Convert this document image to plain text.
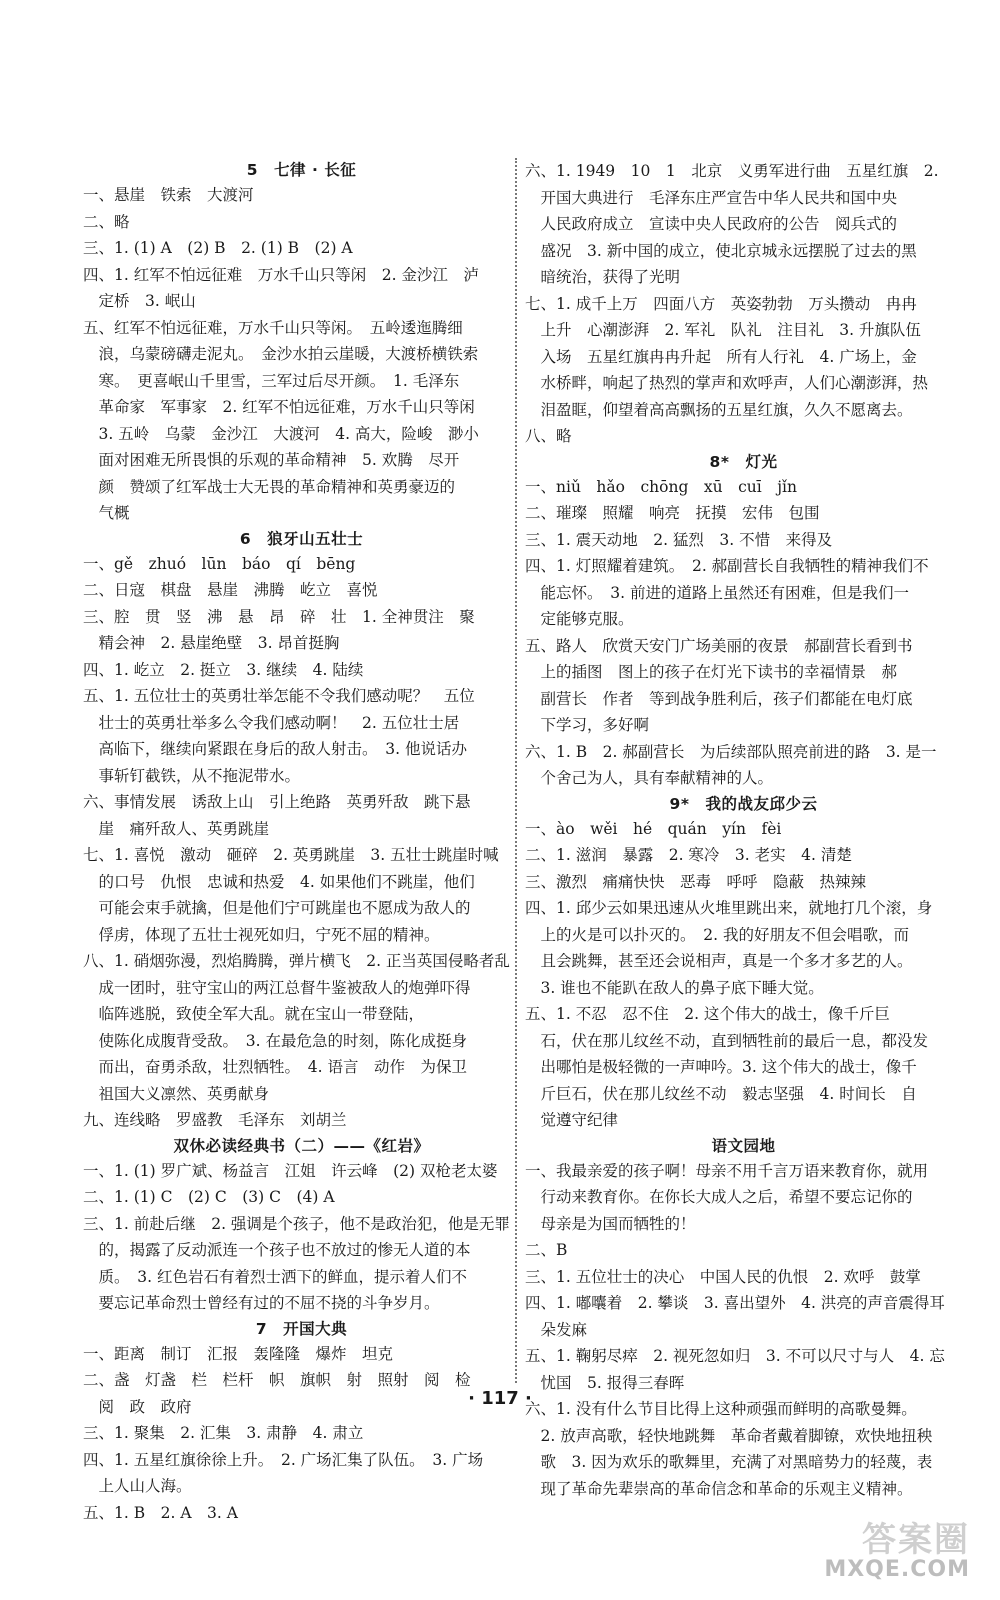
5　七律 · 长征
一、悬崖　铁索　大渡河
二、略
三、1. (1) A　(2) B　2. (1) B　(2) A
四、1. 红军不怕远征难　万水千山只等闲　2. 金沙江　泸
　定桥　3. 岷山
五、红军不怕远征难，万水千山只等闲。　五岭逶迤腾细
　浪，乌蒙磅礴走泥丸。　金沙水拍云崖暖，大渡桥横铁索
　寒。　更喜岷山千里雪，三军过后尽开颜。　1. 毛泽东
　革命家　军事家　2. 红军不怕远征难，万水千山只等闲
　3. 五岭　乌蒙　金沙江　大渡河　4. 高大，险峻　渺小
　面对困难无所畏惧的乐观的革命精神　5. 欢腾　尽开
　颜　赞颂了红军战士大无畏的革命精神和英勇豪迈的
　气概
6　狼牙山五壮士
一、gě　zhuó　lūn　báo　qí　bēng
二、日寇　棋盘　悬崖　沸腾　屹立　喜悦
三、腔　贯　竖　沸　悬　昂　碎　壮　1. 全神贯注　聚
　精会神　2. 悬崖绝壁　3. 昂首挺胸
四、1. 屹立　2. 挺立　3. 继续　4. 陆续
五、1. 五位壮士的英勇壮举怎能不令我们感动呢？　五位
　壮士的英勇壮举多么令我们感动啊！　2. 五位壮士居
　高临下，继续向紧跟在身后的敌人射击。　3. 他说话办
　事斩钉截铁，从不拖泥带水。
六、事情发展　诱敌上山　引上绝路　英勇歼敌　跳下悬
　崖　痛歼敌人、英勇跳崖
七、1. 喜悦　激动　砸碎　2. 英勇跳崖　3. 五壮士跳崖时喊
　的口号　仇恨　忠诚和热爱　4. 如果他们不跳崖，他们
　可能会束手就擒，但是他们宁可跳崖也不愿成为敌人的
　俘虏，体现了五壮士视死如归，宁死不屈的精神。
八、1. 硝烟弥漫，烈焰腾腾，弹片横飞　2. 正当英国侵略者乱
　成一团时，驻守宝山的两江总督牛鉴被敌人的炮弹吓得
　临阵逃脱，致使全军大乱。就在宝山一带登陆，
　使陈化成腹背受敌。　3. 在最危急的时刻，陈化成挺身
　而出，奋勇杀敌，壮烈牺牲。　4. 语言　动作　为保卫
　祖国大义凛然、英勇献身
九、连线略　罗盛教　毛泽东　刘胡兰
双休必读经典书（二）——《红岩》
一、1. (1) 罗广斌、杨益言　江姐　许云峰　(2) 双枪老太婆
二、1. (1) C　(2) C　(3) C　(4) A
三、1. 前赴后继　2. 强调是个孩子，他不是政治犯，他是无罪
　的，揭露了反动派连一个孩子也不放过的惨无人道的本
　质。　3. 红色岩石有着烈士洒下的鲜血，提示着人们不
　要忘记革命烈士曾经有过的不屈不挠的斗争岁月。
7　开国大典
一、距离　制订　汇报　轰隆隆　爆炸　坦克
二、盏　灯盏　栏　栏杆　帜　旗帜　射　照射　阅　检
　阅　政　政府
三、1. 聚集　2. 汇集　3. 肃静　4. 肃立
四、1. 五星红旗徐徐上升。　2. 广场汇集了队伍。　3. 广场
　上人山人海。
五、1. B　2. A　3. A
六、1. 1949　10　1　北京　义勇军进行曲　五星红旗　2.
　开国大典进行　毛泽东庄严宣告中华人民共和国中央
　人民政府成立　宣读中央人民政府的公告　阅兵式的
　盛况　3. 新中国的成立，使北京城永远摆脱了过去的黑
　暗统治，获得了光明
七、1. 成千上万　四面八方　英姿勃勃　万头攒动　冉冉
　上升　心潮澎湃　2. 军礼　队礼　注目礼　3. 升旗队伍
　入场　五星红旗冉冉升起　所有人行礼　4. 广场上，金
　水桥畔，响起了热烈的掌声和欢呼声，人们心潮澎湃，热
　泪盈眶，仰望着高高飘扬的五星红旗，久久不愿离去。
八、略
8*　灯光
一、niǔ　hǎo　chōng　xū　cuī　jǐn
二、璀璨　照耀　响亮　抚摸　宏伟　包围
三、1. 震天动地　2. 猛烈　3. 不惜　来得及
四、1. 灯照耀着建筑。　2. 郝副营长自我牺牲的精神我们不
　能忘怀。　3. 前进的道路上虽然还有困难，但是我们一
　定能够克服。
五、路人　欣赏天安门广场美丽的夜景　郝副营长看到书
　上的插图　图上的孩子在灯光下读书的幸福情景　郝
　副营长　作者　等到战争胜利后，孩子们都能在电灯底
　下学习，多好啊
六、1. B　2. 郝副营长　为后续部队照亮前进的路　3. 是一
　个舍己为人，具有奉献精神的人。
9*　我的战友邱少云
一、ào　wěi　hé　quán　yín　fèi
二、1. 滋润　暴露　2. 寒冷　3. 老实　4. 清楚
三、激烈　痛痛快快　恶毒　呼呼　隐蔽　热辣辣
四、1. 邱少云如果迅速从火堆里跳出来，就地打几个滚，身
　上的火是可以扑灭的。　2. 我的好朋友不但会唱歌，而
　且会跳舞，甚至还会说相声，真是一个多才多艺的人。
　3. 谁也不能趴在敌人的鼻子底下睡大觉。
五、1. 不忍　忍不住　2. 这个伟大的战士，像千斤巨
　石，伏在那儿纹丝不动，直到牺牲前的最后一息，都没发
　出哪怕是极轻微的一声呻吟。3. 这个伟大的战士，像千
　斤巨石，伏在那儿纹丝不动　毅志坚强　4. 时间长　自
　觉遵守纪律
语文园地
一、我最亲爱的孩子啊！母亲不用千言万语来教育你，就用
　行动来教育你。在你长大成人之后，希望不要忘记你的
　母亲是为国而牺牲的！
二、B
三、1. 五位壮士的决心　中国人民的仇恨　2. 欢呼　鼓掌
四、1. 嘟囔着　2. 攀谈　3. 喜出望外　4. 洪亮的声音震得耳
　朵发麻
五、1. 鞠躬尽瘁　2. 视死忽如归　3. 不可以尺寸与人　4. 忘
　忧国　5. 报得三春晖
六、1. 没有什么节目比得上这种顽强而鲜明的高歌曼舞。
　2. 放声高歌，轻快地跳舞　革命者戴着脚镣，欢快地扭秧
　歌　3. 因为欢乐的歌舞里，充满了对黑暗势力的轻蔑，表
　现了革命先辈崇高的革命信念和革命的乐观主义精神。
· 117 ·
答案圈
MXQE.COM
